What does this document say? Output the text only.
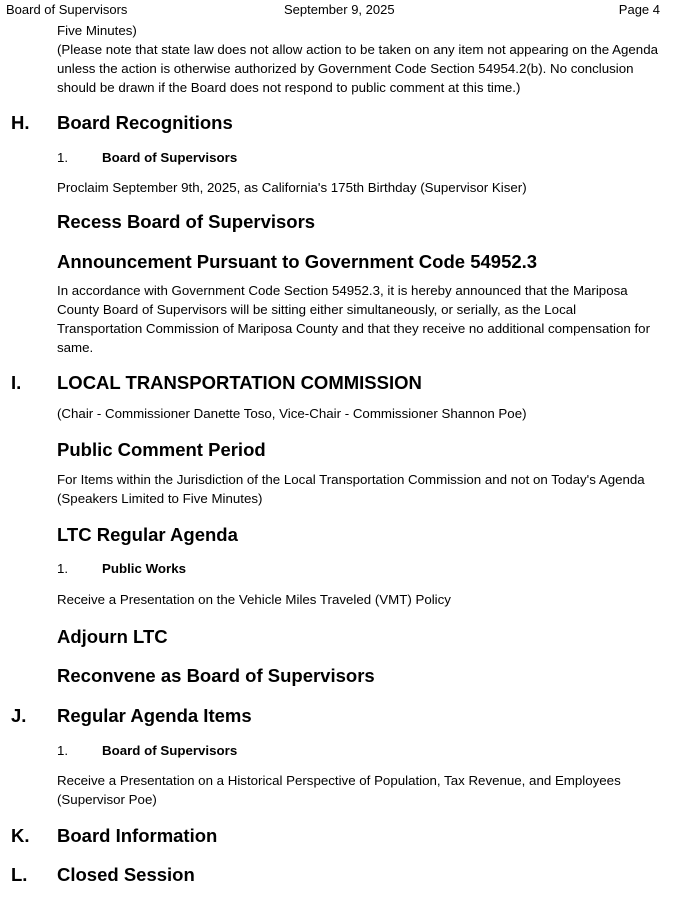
Board of Supervisors	September 9, 2025	Page 4
Five Minutes)
(Please note that state law does not allow action to be taken on any item not appearing on the Agenda unless the action is otherwise authorized by Government Code Section 54954.2(b). No conclusion should be drawn if the Board does not respond to public comment at this time.)
H. Board Recognitions
1.	Board of Supervisors
Proclaim September 9th, 2025, as California's 175th Birthday (Supervisor Kiser)
Recess Board of Supervisors
Announcement Pursuant to Government Code 54952.3
In accordance with Government Code Section 54952.3, it is hereby announced that the Mariposa County Board of Supervisors will be sitting either simultaneously, or serially, as the Local Transportation Commission of Mariposa County and that they receive no additional compensation for same.
I. LOCAL TRANSPORTATION COMMISSION
(Chair - Commissioner Danette Toso, Vice-Chair - Commissioner Shannon Poe)
Public Comment Period
For Items within the Jurisdiction of the Local Transportation Commission and not on Today's Agenda (Speakers Limited to Five Minutes)
LTC Regular Agenda
1.	Public Works
Receive a Presentation on the Vehicle Miles Traveled (VMT) Policy
Adjourn LTC
Reconvene as Board of Supervisors
J. Regular Agenda Items
1.	Board of Supervisors
Receive a Presentation on a Historical Perspective of Population, Tax Revenue, and Employees (Supervisor Poe)
K. Board Information
L. Closed Session
